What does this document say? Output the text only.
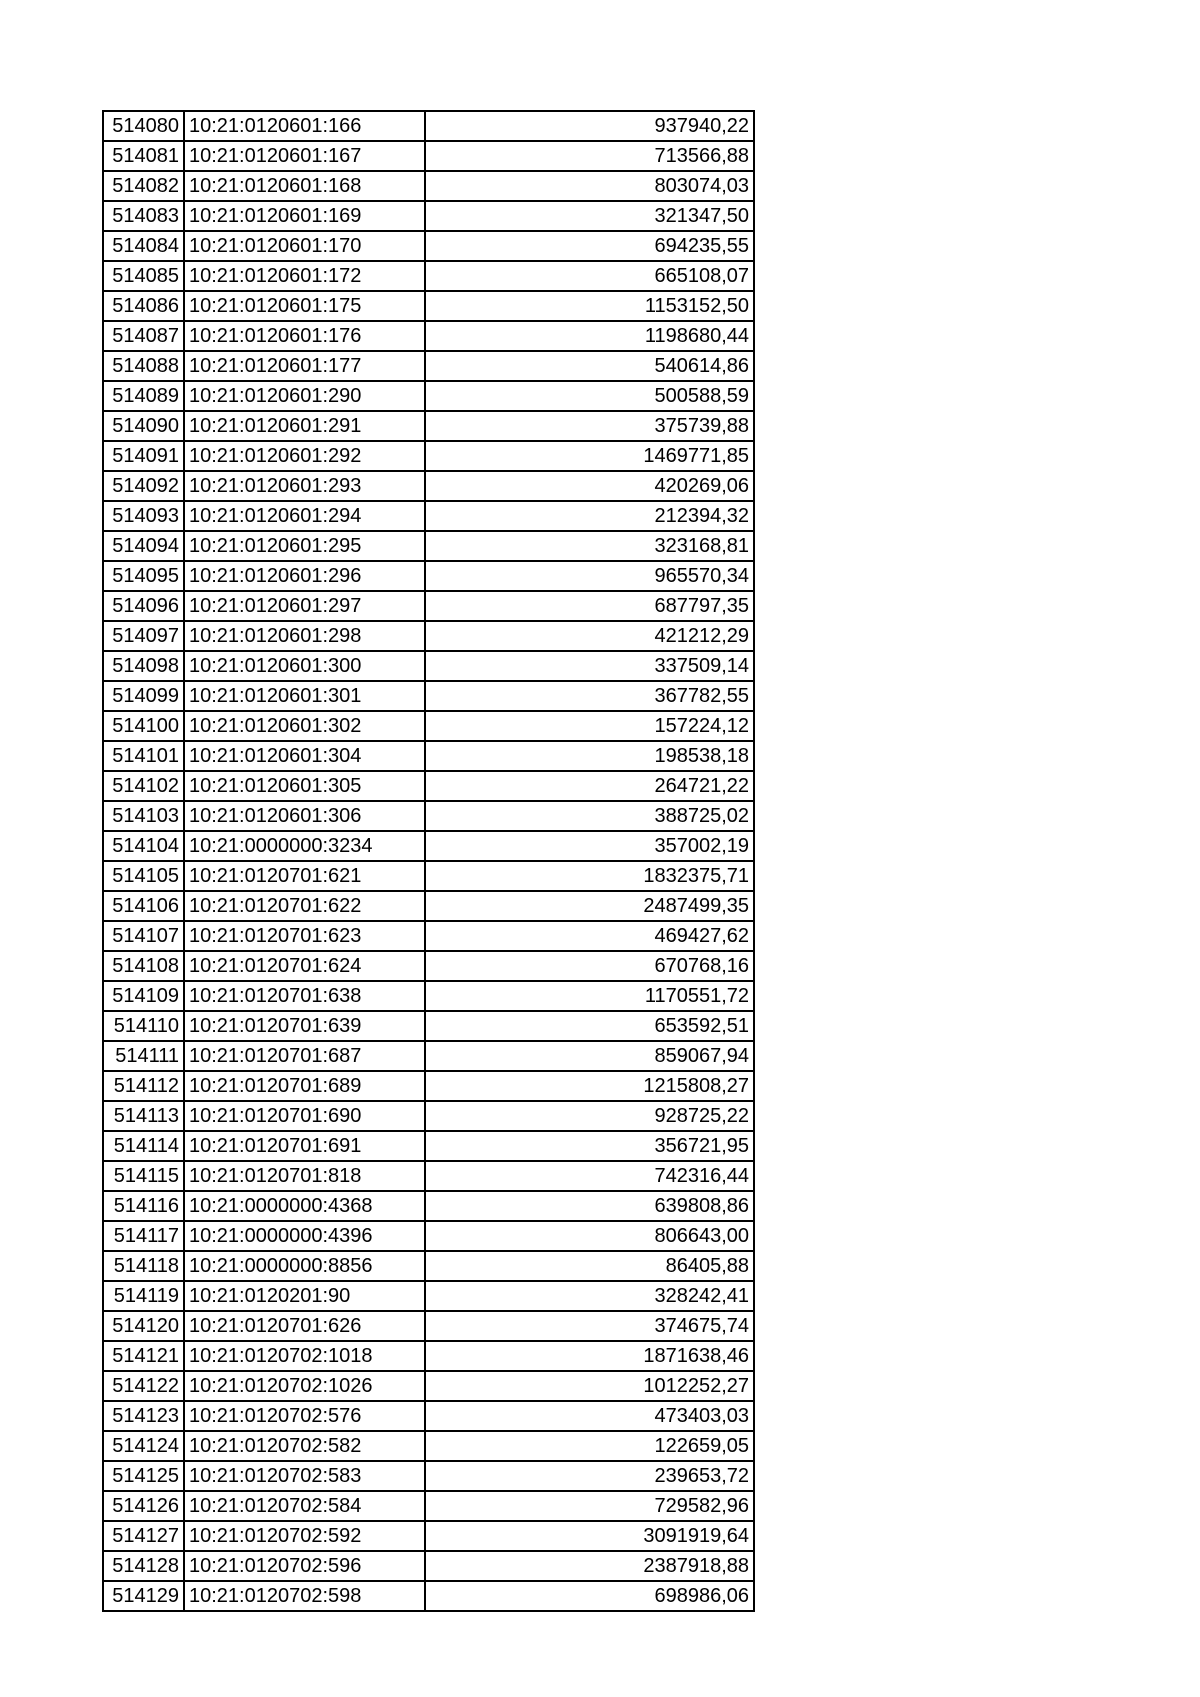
514080	10:21:0120601:166	937940,22
514081	10:21:0120601:167	713566,88
514082	10:21:0120601:168	803074,03
514083	10:21:0120601:169	321347,50
514084	10:21:0120601:170	694235,55
514085	10:21:0120601:172	665108,07
514086	10:21:0120601:175	1153152,50
514087	10:21:0120601:176	1198680,44
514088	10:21:0120601:177	540614,86
514089	10:21:0120601:290	500588,59
514090	10:21:0120601:291	375739,88
514091	10:21:0120601:292	1469771,85
514092	10:21:0120601:293	420269,06
514093	10:21:0120601:294	212394,32
514094	10:21:0120601:295	323168,81
514095	10:21:0120601:296	965570,34
514096	10:21:0120601:297	687797,35
514097	10:21:0120601:298	421212,29
514098	10:21:0120601:300	337509,14
514099	10:21:0120601:301	367782,55
514100	10:21:0120601:302	157224,12
514101	10:21:0120601:304	198538,18
514102	10:21:0120601:305	264721,22
514103	10:21:0120601:306	388725,02
514104	10:21:0000000:3234	357002,19
514105	10:21:0120701:621	1832375,71
514106	10:21:0120701:622	2487499,35
514107	10:21:0120701:623	469427,62
514108	10:21:0120701:624	670768,16
514109	10:21:0120701:638	1170551,72
514110	10:21:0120701:639	653592,51
514111	10:21:0120701:687	859067,94
514112	10:21:0120701:689	1215808,27
514113	10:21:0120701:690	928725,22
514114	10:21:0120701:691	356721,95
514115	10:21:0120701:818	742316,44
514116	10:21:0000000:4368	639808,86
514117	10:21:0000000:4396	806643,00
514118	10:21:0000000:8856	86405,88
514119	10:21:0120201:90	328242,41
514120	10:21:0120701:626	374675,74
514121	10:21:0120702:1018	1871638,46
514122	10:21:0120702:1026	1012252,27
514123	10:21:0120702:576	473403,03
514124	10:21:0120702:582	122659,05
514125	10:21:0120702:583	239653,72
514126	10:21:0120702:584	729582,96
514127	10:21:0120702:592	3091919,64
514128	10:21:0120702:596	2387918,88
514129	10:21:0120702:598	698986,06
